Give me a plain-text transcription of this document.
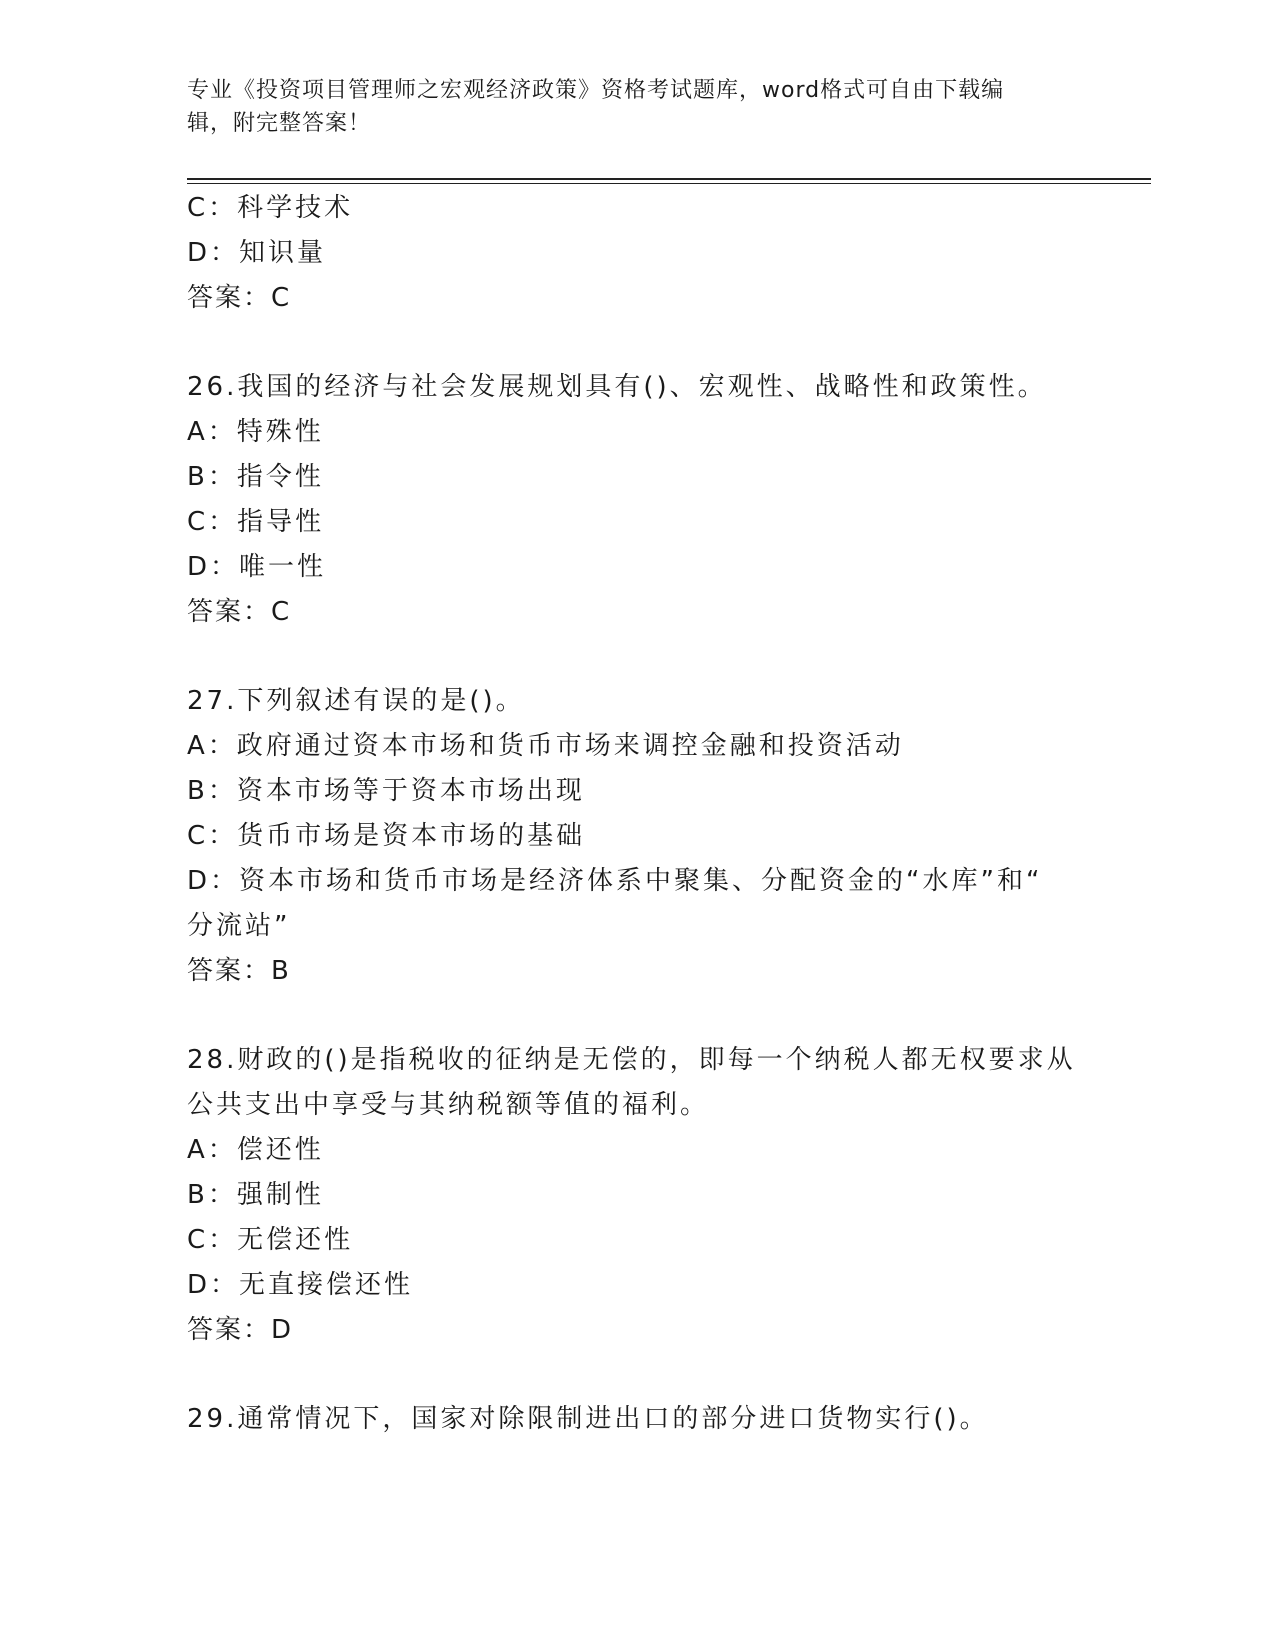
专业《投资项目管理师之宏观经济政策》资格考试题库，word格式可自由下载编
辑，附完整答案！
C：科学技术
D：知识量
答案：C
26.我国的经济与社会发展规划具有()、宏观性、战略性和政策性。
A：特殊性
B：指令性
C：指导性
D：唯一性
答案：C
27.下列叙述有误的是()。
A：政府通过资本市场和货币市场来调控金融和投资活动
B：资本市场等于资本市场出现
C：货币市场是资本市场的基础
D：资本市场和货币市场是经济体系中聚集、分配资金的“水库”和“
分流站”
答案：B
28.财政的()是指税收的征纳是无偿的，即每一个纳税人都无权要求从
公共支出中享受与其纳税额等值的福利。
A：偿还性
B：强制性
C：无偿还性
D：无直接偿还性
答案：D
29.通常情况下，国家对除限制进出口的部分进口货物实行()。
